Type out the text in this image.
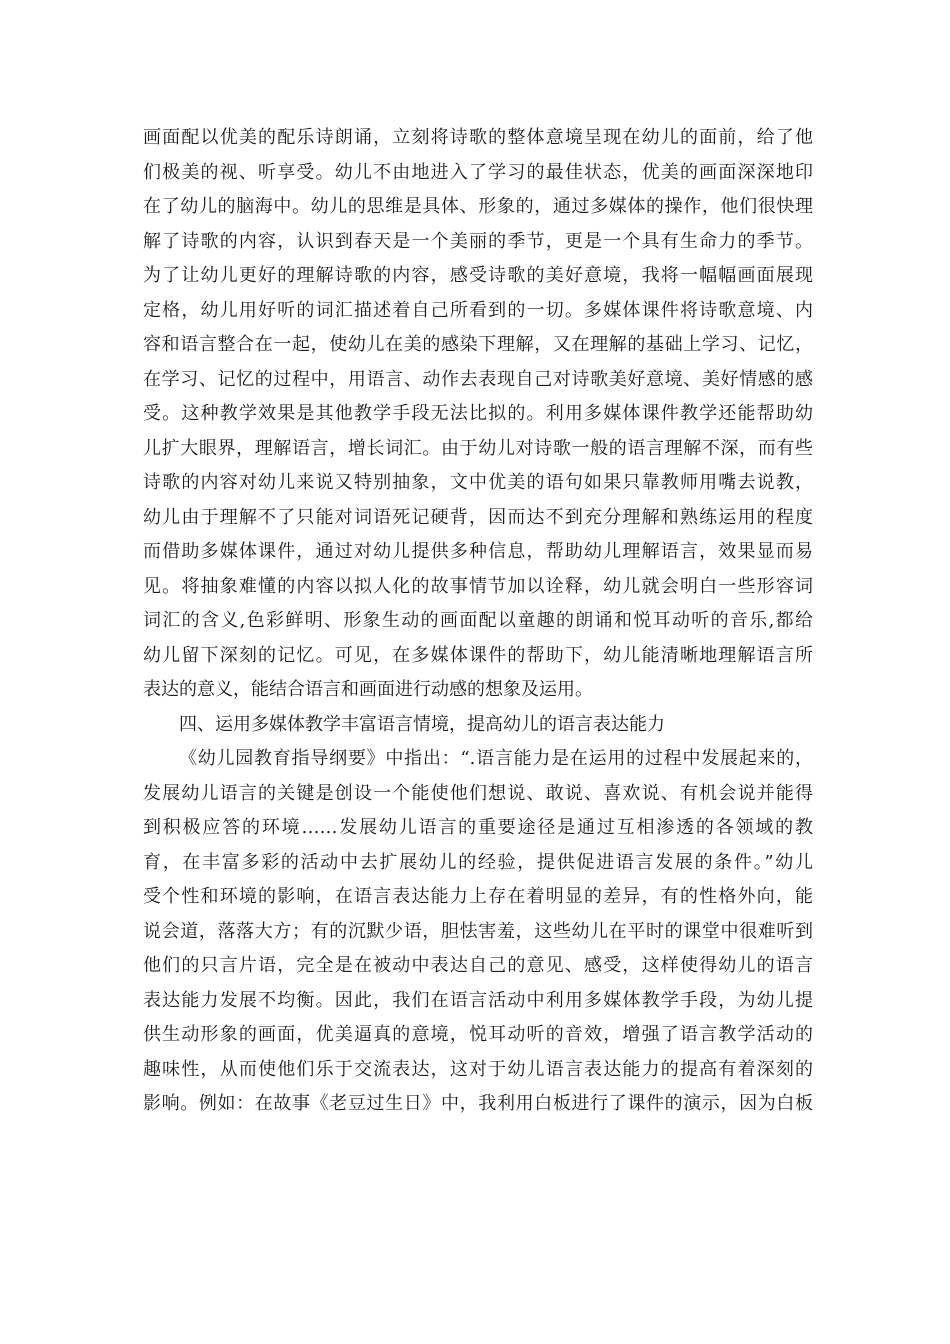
画面配以优美的配乐诗朗诵，立刻将诗歌的整体意境呈现在幼儿的面前，给了他
们极美的视、听享受。幼儿不由地进入了学习的最佳状态，优美的画面深深地印
在了幼儿的脑海中。幼儿的思维是具体、形象的，通过多媒体的操作，他们很快理
解了诗歌的内容，认识到春天是一个美丽的季节，更是一个具有生命力的季节。
为了让幼儿更好的理解诗歌的内容，感受诗歌的美好意境，我将一幅幅画面展现
定格，幼儿用好听的词汇描述着自己所看到的一切。多媒体课件将诗歌意境、内
容和语言整合在一起，使幼儿在美的感染下理解，又在理解的基础上学习、记忆，
在学习、记忆的过程中，用语言、动作去表现自己对诗歌美好意境、美好情感的感
受。这种教学效果是其他教学手段无法比拟的。利用多媒体课件教学还能帮助幼
儿扩大眼界，理解语言，增长词汇。由于幼儿对诗歌一般的语言理解不深，而有些
诗歌的内容对幼儿来说又特别抽象，文中优美的语句如果只靠教师用嘴去说教，
幼儿由于理解不了只能对词语死记硬背，因而达不到充分理解和熟练运用的程度
而借助多媒体课件，通过对幼儿提供多种信息，帮助幼儿理解语言，效果显而易
见。将抽象难懂的内容以拟人化的故事情节加以诠释，幼儿就会明白一些形容词
词汇的含义,色彩鲜明、形象生动的画面配以童趣的朗诵和悦耳动听的音乐,都给
幼儿留下深刻的记忆。可见，在多媒体课件的帮助下，幼儿能清晰地理解语言所
表达的意义，能结合语言和画面进行动感的想象及运用。
四、运用多媒体教学丰富语言情境，提高幼儿的语言表达能力
《幼儿园教育指导纲要》中指出：“.语言能力是在运用的过程中发展起来的，
发展幼儿语言的关键是创设一个能使他们想说、敢说、喜欢说、有机会说并能得
到积极应答的环境……发展幼儿语言的重要途径是通过互相渗透的各领域的教
育，在丰富多彩的活动中去扩展幼儿的经验，提供促进语言发展的条件。”幼儿
受个性和环境的影响，在语言表达能力上存在着明显的差异，有的性格外向，能
说会道，落落大方；有的沉默少语，胆怯害羞，这些幼儿在平时的课堂中很难听到
他们的只言片语，完全是在被动中表达自己的意见、感受，这样使得幼儿的语言
表达能力发展不均衡。因此，我们在语言活动中利用多媒体教学手段，为幼儿提
供生动形象的画面，优美逼真的意境，悦耳动听的音效，增强了语言教学活动的
趣味性，从而使他们乐于交流表达，这对于幼儿语言表达能力的提高有着深刻的
影响。例如：在故事《老豆过生日》中，我利用白板进行了课件的演示，因为白板
